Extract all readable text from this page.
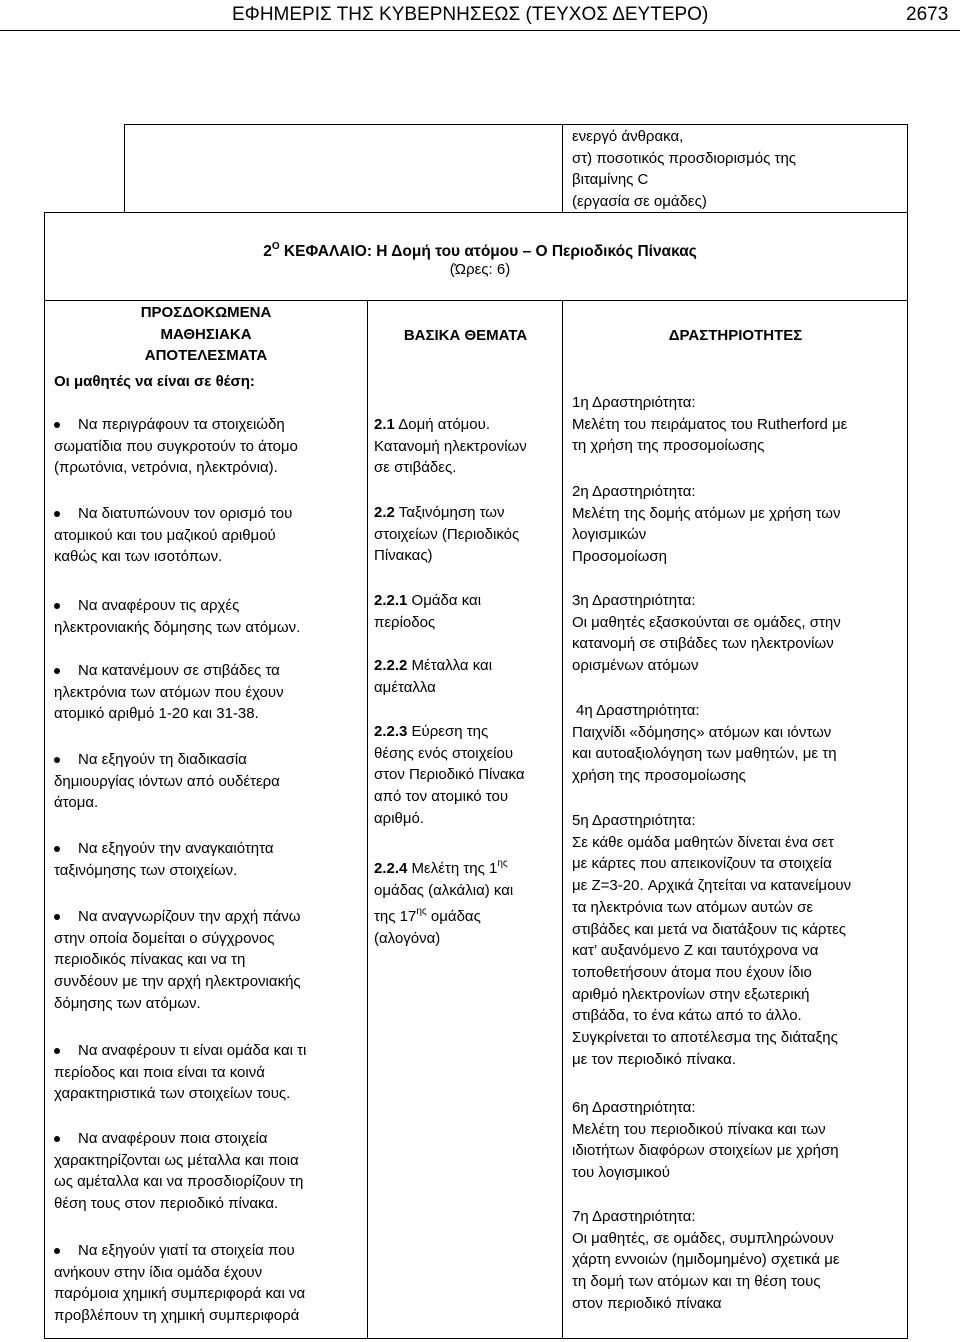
ΕΦΗΜΕΡΙΣ ΤΗΣ ΚΥΒΕΡΝΗΣΕΩΣ (ΤΕΥΧΟΣ ΔΕΥΤΕΡΟ)	2673
ενεργό άνθρακα,
στ) ποσοτικός προσδιορισμός της
βιταμίνης C
(εργασία σε ομάδες)
$2^O$ ΚΕΦΑΛΑΙΟ: Η Δομή του ατόμου – Ο Περιοδικός Πίνακας
(Ώρες: 6)
ΠΡΟΣΔΟΚΩΜΕΝΑ
ΜΑΘΗΣΙΑΚΑ
ΑΠΟΤΕΛΕΣΜΑΤΑ
ΒΑΣΙΚΑ ΘΕΜΑΤΑ	ΔΡΑΣΤΗΡΙΟΤΗΤΕΣ
Οι μαθητές να είναι σε θέση:
Να περιγράφουν τα στοιχειώδη
σωματίδια που συγκροτούν το άτομο
(πρωτόνια, νετρόνια, ηλεκτρόνια).
Να διατυπώνουν τον ορισμό του
ατομικού και του μαζικού αριθμού
καθώς και των ισοτόπων.
Να αναφέρουν τις αρχές
ηλεκτρονιακής δόμησης των ατόμων.
Να κατανέμουν σε στιβάδες τα
ηλεκτρόνια των ατόμων που έχουν
ατομικό αριθμό 1-20 και 31-38.
Να εξηγούν τη διαδικασία
δημιουργίας ιόντων από ουδέτερα
άτομα.
Να εξηγούν την αναγκαιότητα
ταξινόμησης των στοιχείων.
Να αναγνωρίζουν την αρχή πάνω
στην οποία δομείται ο σύγχρονος
περιοδικός πίνακας και να τη
συνδέουν με την αρχή ηλεκτρονιακής
δόμησης των ατόμων.
Να αναφέρουν τι είναι ομάδα και τι
περίοδος και ποια είναι τα κοινά
χαρακτηριστικά των στοιχείων τους.
Να αναφέρουν ποια στοιχεία
χαρακτηρίζονται ως μέταλλα και ποια
ως αμέταλλα και να προσδιορίζουν τη
θέση τους στον περιοδικό πίνακα.
Να εξηγούν γιατί τα στοιχεία που
ανήκουν στην ίδια ομάδα έχουν
παρόμοια χημική συμπεριφορά και να
προβλέπουν τη χημική συμπεριφορά
2.1 Δομή ατόμου.
Κατανομή ηλεκτρονίων
σε στιβάδες.
2.2 Ταξινόμηση των
στοιχείων (Περιοδικός
Πίνακας)
2.2.1 Ομάδα και
περίοδος
2.2.2 Μέταλλα και
αμέταλλα
2.2.3 Εύρεση της
θέσης ενός στοιχείου
στον Περιοδικό Πίνακα
από τον ατομικό του
αριθμό.
2.2.4 Μελέτη της $1^{\eta\varsigma}$
ομάδας (αλκάλια) και
της $17^{\eta\varsigma}$ ομάδας
(αλογόνα)
1η Δραστηριότητα:
Μελέτη του πειράματος του Rutherford με
τη χρήση της προσομοίωσης
2η Δραστηριότητα:
Μελέτη της δομής ατόμων με χρήση των
λογισμικών
Προσομοίωση
3η Δραστηριότητα:
Οι μαθητές εξασκούνται σε ομάδες, στην
κατανομή σε στιβάδες των ηλεκτρονίων
ορισμένων ατόμων
4η Δραστηριότητα:
Παιχνίδι «δόμησης» ατόμων και ιόντων
και αυτοαξιολόγηση των μαθητών, με τη
χρήση της προσομοίωσης
5η Δραστηριότητα:
Σε κάθε ομάδα μαθητών δίνεται ένα σετ
με κάρτες που απεικονίζουν τα στοιχεία
με Z=3-20. Αρχικά ζητείται να κατανείμουν
τα ηλεκτρόνια των ατόμων αυτών σε
στιβάδες και μετά να διατάξουν τις κάρτες
κατ’ αυξανόμενο Z και ταυτόχρονα να
τοποθετήσουν άτομα που έχουν ίδιο
αριθμό ηλεκτρονίων στην εξωτερική
στιβάδα, το ένα κάτω από το άλλο.
Συγκρίνεται το αποτέλεσμα της διάταξης
με τον περιοδικό πίνακα.
6η Δραστηριότητα:
Μελέτη του περιοδικού πίνακα και των
ιδιοτήτων διαφόρων στοιχείων με χρήση
του λογισμικού
7η Δραστηριότητα:
Οι μαθητές, σε ομάδες, συμπληρώνουν
χάρτη εννοιών (ημιδομημένο) σχετικά με
τη δομή των ατόμων και τη θέση τους
στον περιοδικό πίνακα
